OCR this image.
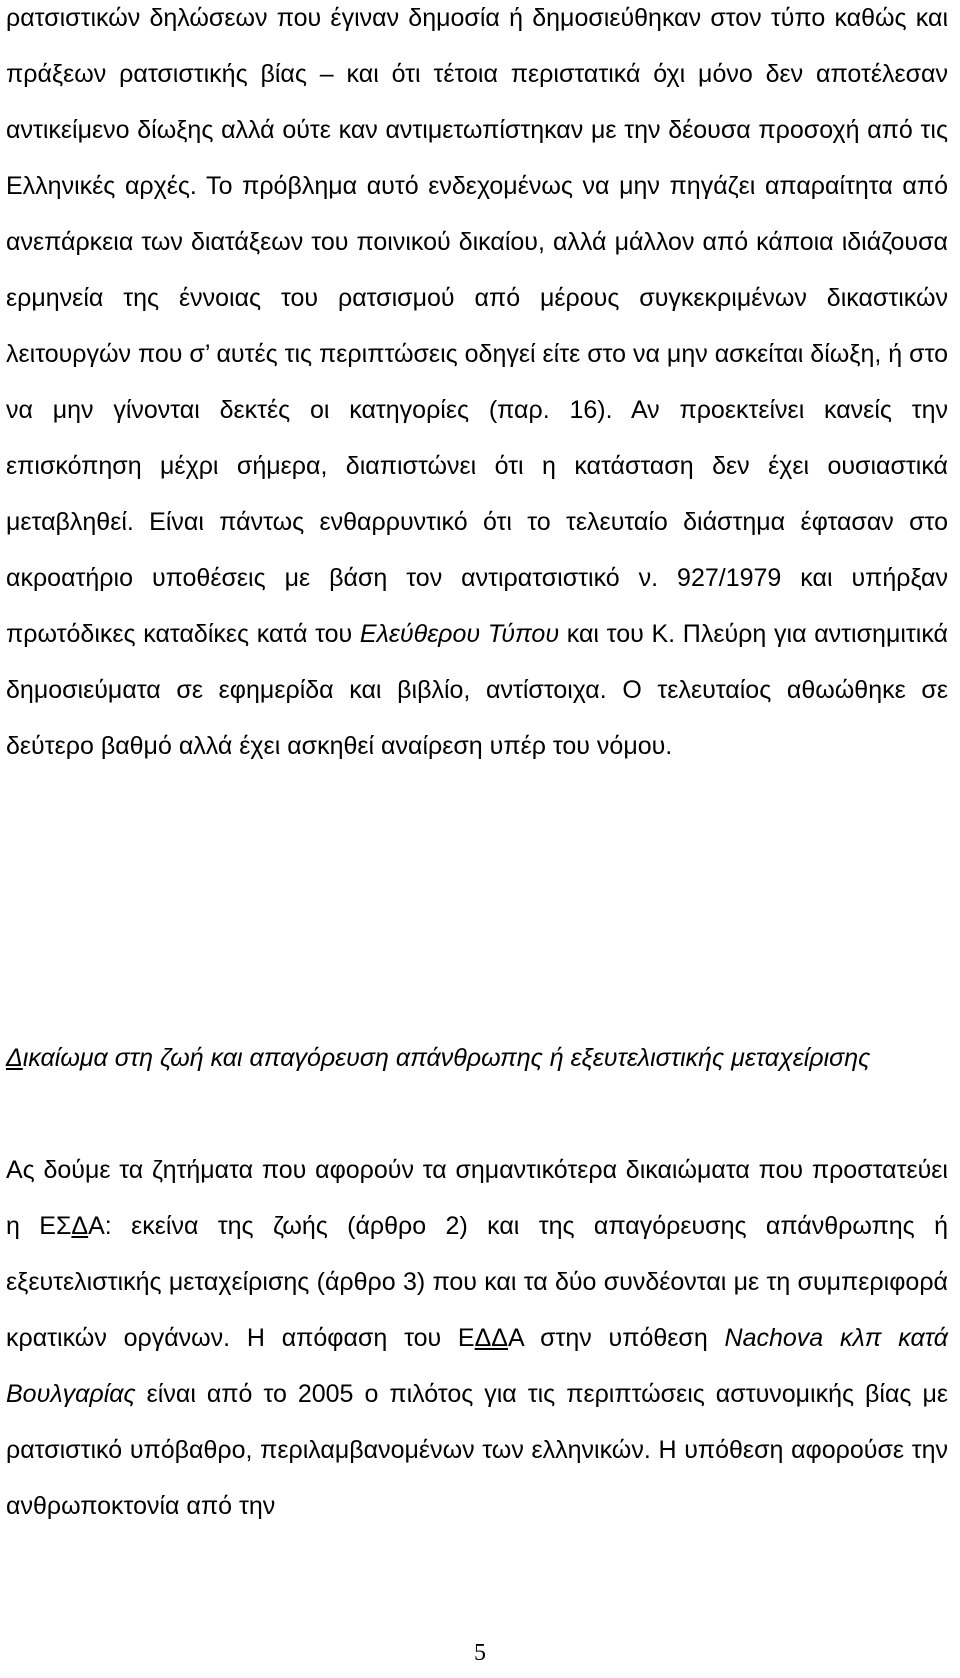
ρατσιστικών δηλώσεων που έγιναν δημοσία ή δημοσιεύθηκαν στον τύπο καθώς και πράξεων ρατσιστικής βίας – και ότι τέτοια περιστατικά όχι μόνο δεν αποτέλεσαν αντικείμενο δίωξης αλλά ούτε καν αντιμετωπίστηκαν με την δέουσα προσοχή από τις Ελληνικές αρχές. Το πρόβλημα αυτό ενδεχομένως να μην πηγάζει απαραίτητα από ανεπάρκεια των διατάξεων του ποινικού δικαίου, αλλά μάλλον από κάποια ιδιάζουσα ερμηνεία της έννοιας του ρατσισμού από μέρους συγκεκριμένων δικαστικών λειτουργών που σ’ αυτές τις περιπτώσεις οδηγεί είτε στο να μην ασκείται δίωξη, ή στο να μην γίνονται δεκτές οι κατηγορίες (παρ. 16). Αν προεκτείνει κανείς την επισκόπηση μέχρι σήμερα, διαπιστώνει ότι η κατάσταση δεν έχει ουσιαστικά μεταβληθεί. Είναι πάντως ενθαρρυντικό ότι το τελευταίο διάστημα έφτασαν στο ακροατήριο υποθέσεις με βάση τον αντιρατσιστικό ν. 927/1979 και υπήρξαν πρωτόδικες καταδίκες κατά του Ελεύθερου Τύπου και του Κ. Πλεύρη για αντισημιτικά δημοσιεύματα σε εφημερίδα και βιβλίο, αντίστοιχα. Ο τελευταίος αθωώθηκε σε δεύτερο βαθμό αλλά έχει ασκηθεί αναίρεση υπέρ του νόμου.

Δικαίωμα στη ζωή και απαγόρευση απάνθρωπης ή εξευτελιστικής μεταχείρισης

Ας δούμε τα ζητήματα που αφορούν τα σημαντικότερα δικαιώματα που προστατεύει η ΕΣΔΑ: εκείνα της ζωής (άρθρο 2) και της απαγόρευσης απάνθρωπης ή εξευτελιστικής μεταχείρισης (άρθρο 3) που και τα δύο συνδέονται με τη συμπεριφορά κρατικών οργάνων. Η απόφαση του ΕΔΔΑ στην υπόθεση Nachova κλπ κατά Βουλγαρίας είναι από το 2005 ο πιλότος για τις περιπτώσεις αστυνομικής βίας με ρατσιστικό υπόβαθρο, περιλαμβανομένων των ελληνικών. Η υπόθεση αφορούσε την ανθρωποκτονία από την

5
